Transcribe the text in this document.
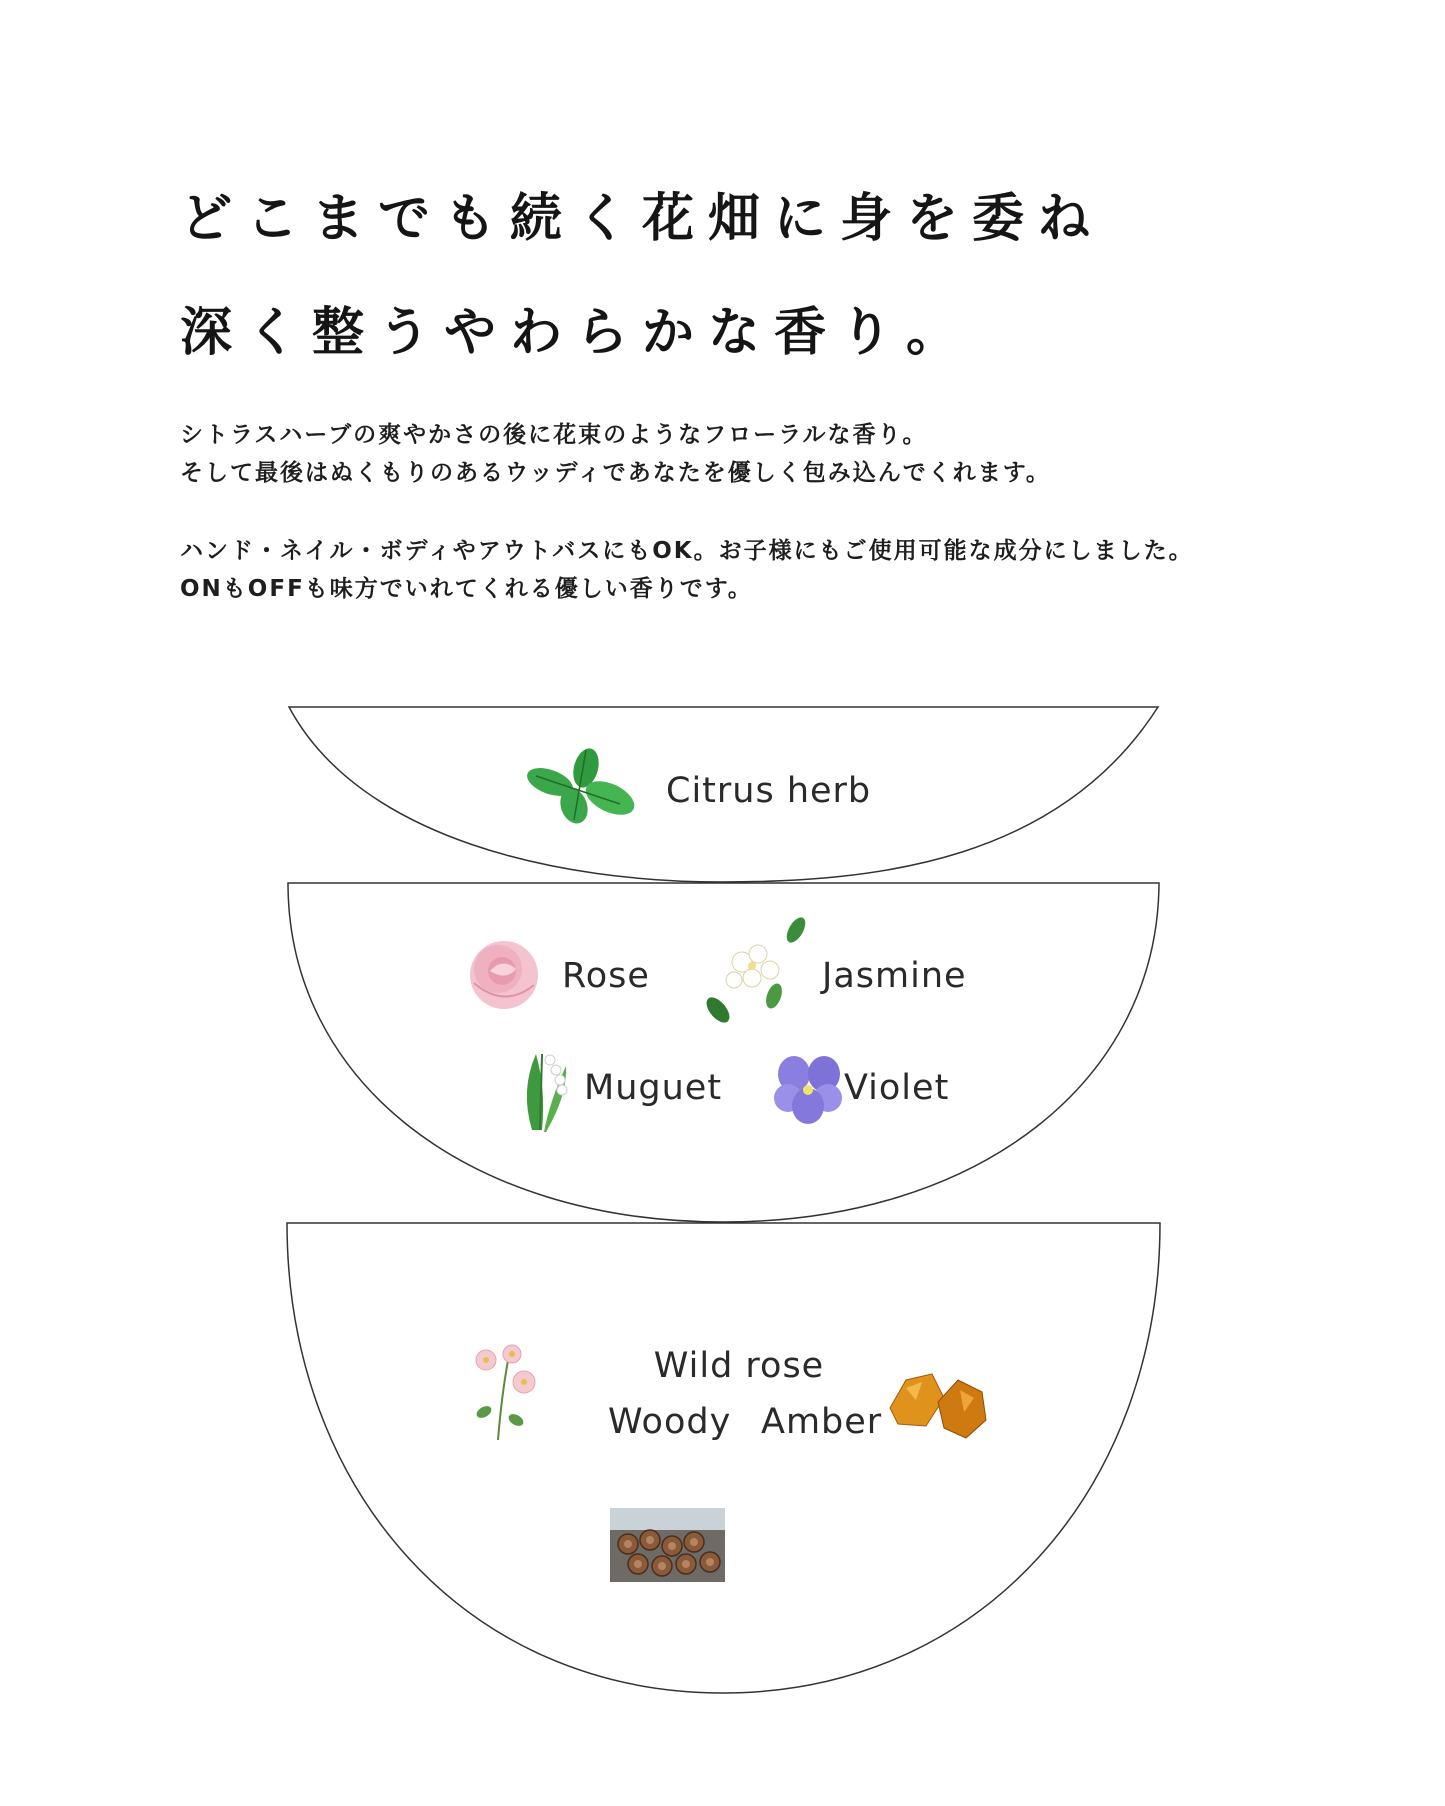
どこまでも続く花畑に身を委ね
深く整うやわらかな香り。
シトラスハーブの爽やかさの後に花束のようなフローラルな香り。
そして最後はぬくもりのあるウッディであなたを優しく包み込んでくれます。
ハンド・ネイル・ボディやアウトバスにもOK。お子様にもご使用可能な成分にしました。
ONもOFFも味方でいれてくれる優しい香りです。
Citrus herb
Rose	Jasmine
Muguet	Violet
Wild rose
Woody Amber
